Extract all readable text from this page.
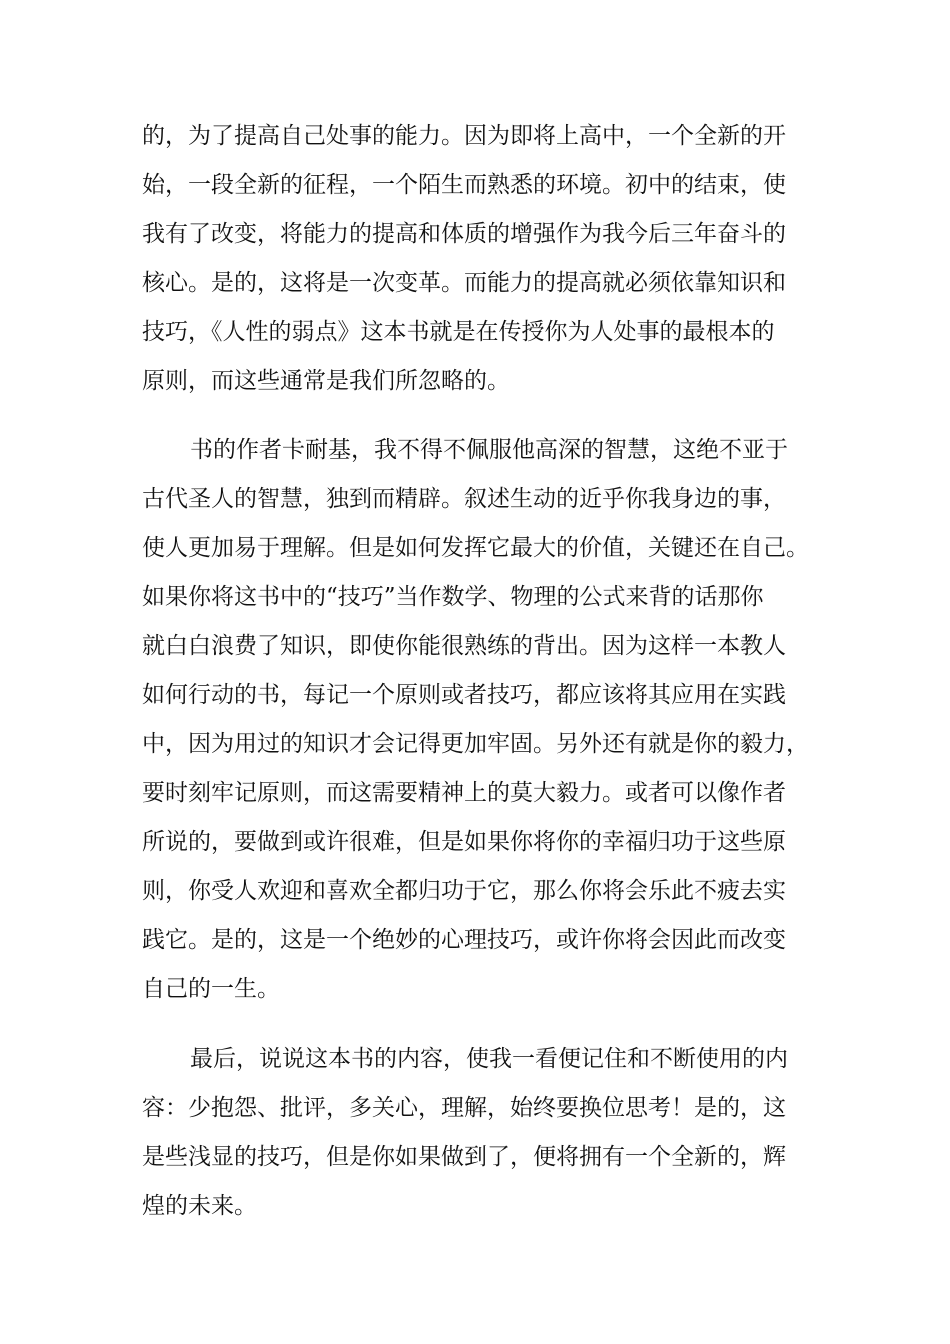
的，为了提高自己处事的能力。因为即将上高中，一个全新的开
始，一段全新的征程，一个陌生而熟悉的环境。初中的结束，使
我有了改变，将能力的提高和体质的增强作为我今后三年奋斗的
核心。是的，这将是一次变革。而能力的提高就必须依靠知识和
技巧，《人性的弱点》这本书就是在传授你为人处事的最根本的
原则，而这些通常是我们所忽略的。
书的作者卡耐基，我不得不佩服他高深的智慧，这绝不亚于
古代圣人的智慧，独到而精辟。叙述生动的近乎你我身边的事，
使人更加易于理解。但是如何发挥它最大的价值，关键还在自己。
如果你将这书中的“技巧”当作数学、物理的公式来背的话那你
就白白浪费了知识，即使你能很熟练的背出。因为这样一本教人
如何行动的书，每记一个原则或者技巧，都应该将其应用在实践
中，因为用过的知识才会记得更加牢固。另外还有就是你的毅力，
要时刻牢记原则，而这需要精神上的莫大毅力。或者可以像作者
所说的，要做到或许很难，但是如果你将你的幸福归功于这些原
则，你受人欢迎和喜欢全都归功于它，那么你将会乐此不疲去实
践它。是的，这是一个绝妙的心理技巧，或许你将会因此而改变
自己的一生。
最后，说说这本书的内容，使我一看便记住和不断使用的内
容：少抱怨、批评，多关心，理解，始终要换位思考！是的，这
是些浅显的技巧，但是你如果做到了，便将拥有一个全新的，辉
煌的未来。
